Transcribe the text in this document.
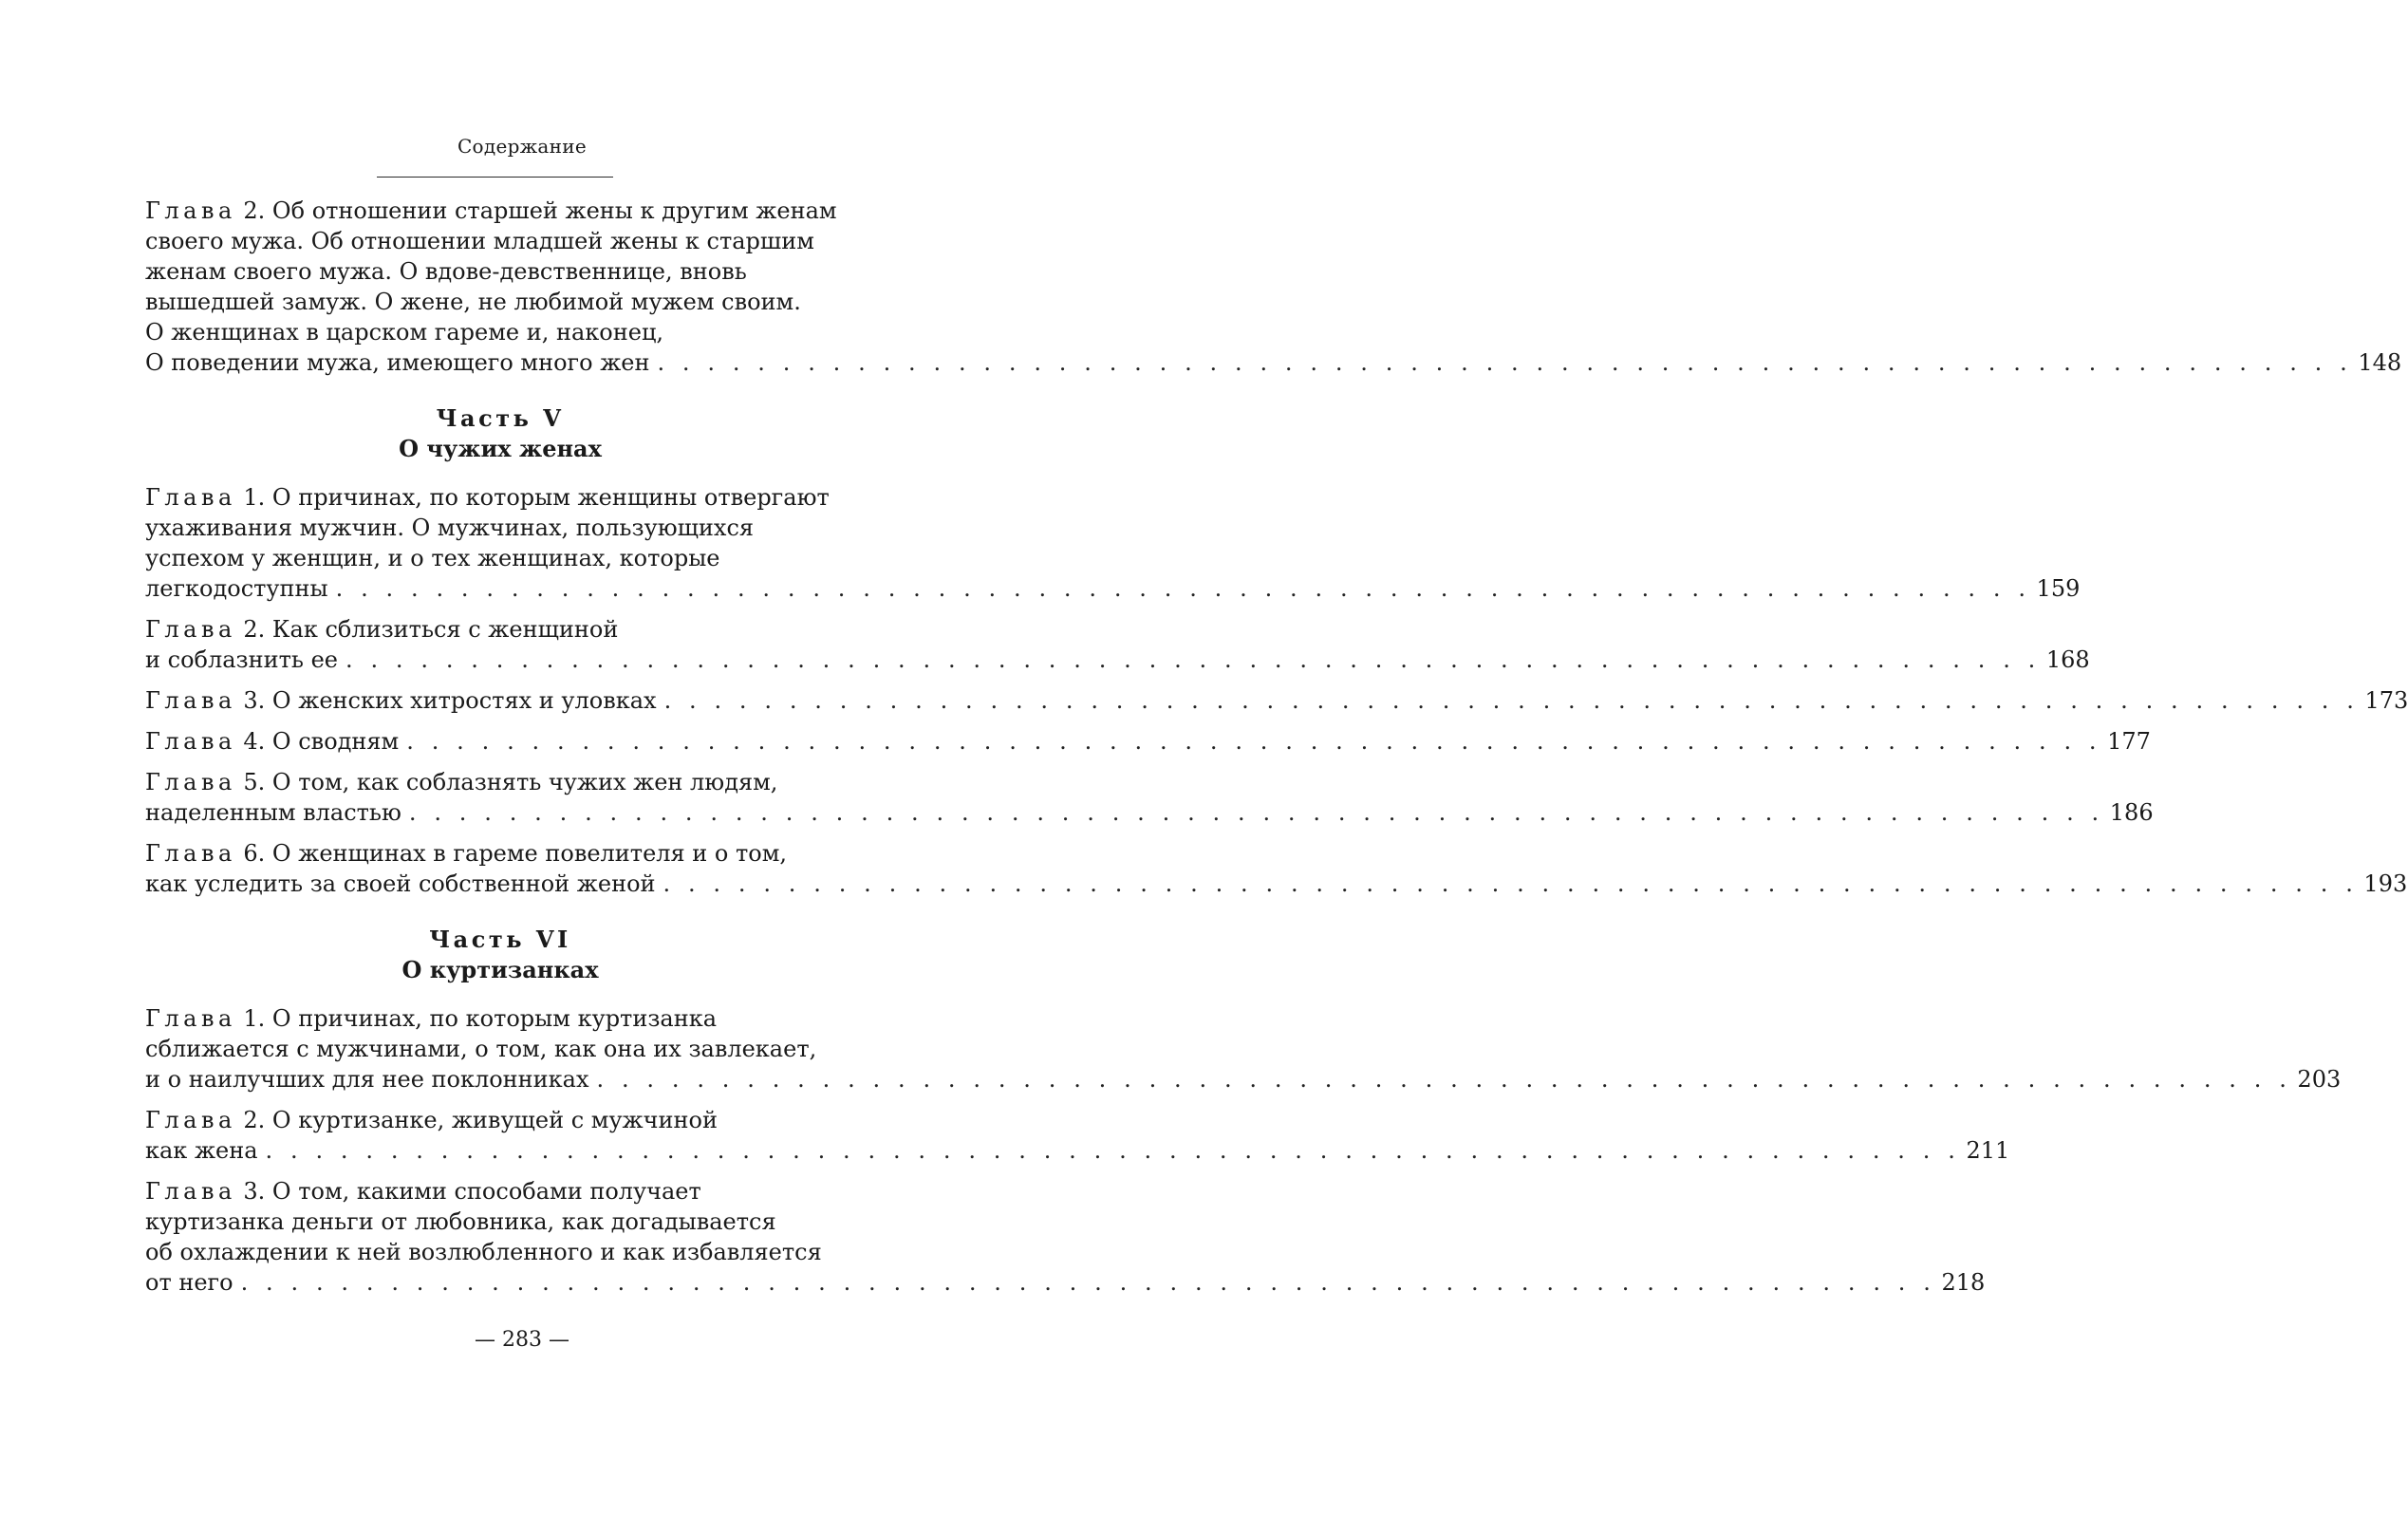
Содержание
Глава 2. Об отношении старшей жены к другим женам
своего мужа. Об отношении младшей жены к старшим
женам своего мужа. О вдове-девственнице, вновь
вышедшей замуж. О жене, не любимой мужем своим.
О женщинах в царском гареме и, наконец,
О поведении мужа, имеющего много жен . . . . . . . . . . . . . . . . . . . . . . . . . . . . . . . . . . . . . . . . . . . . . . . . . . . . . . . . . . . . . . . . . . . . 148
Часть V
О чужих женах
Глава 1. О причинах, по которым женщины отвергают
ухаживания мужчин. О мужчинах, пользующихся
успехом у женщин, и о тех женщинах, которые
легкодоступны . . . . . . . . . . . . . . . . . . . . . . . . . . . . . . . . . . . . . . . . . . . . . . . . . . . . . . . . . . . . . . . . . . . . 159
Глава 2. Как сблизиться с женщиной
и соблазнить ее . . . . . . . . . . . . . . . . . . . . . . . . . . . . . . . . . . . . . . . . . . . . . . . . . . . . . . . . . . . . . . . . . . . . 168
Глава 3. О женских хитростях и уловках . . . . . . . . . . . . . . . . . . . . . . . . . . . . . . . . . . . . . . . . . . . . . . . . . . . . . . . . . . . . . . . . . . . . 173
Глава 4. О сводням . . . . . . . . . . . . . . . . . . . . . . . . . . . . . . . . . . . . . . . . . . . . . . . . . . . . . . . . . . . . . . . . . . . . 177
Глава 5. О том, как соблазнять чужих жен людям,
наделенным властью . . . . . . . . . . . . . . . . . . . . . . . . . . . . . . . . . . . . . . . . . . . . . . . . . . . . . . . . . . . . . . . . . . . . 186
Глава 6. О женщинах в гареме повелителя и о том,
как уследить за своей собственной женой . . . . . . . . . . . . . . . . . . . . . . . . . . . . . . . . . . . . . . . . . . . . . . . . . . . . . . . . . . . . . . . . . . . . 193
Часть VI
О куртизанках
Глава 1. О причинах, по которым куртизанка
сближается с мужчинами, о том, как она их завлекает,
и о наилучших для нее поклонниках . . . . . . . . . . . . . . . . . . . . . . . . . . . . . . . . . . . . . . . . . . . . . . . . . . . . . . . . . . . . . . . . . . . . 203
Глава 2. О куртизанке, живущей с мужчиной
как жена . . . . . . . . . . . . . . . . . . . . . . . . . . . . . . . . . . . . . . . . . . . . . . . . . . . . . . . . . . . . . . . . . . . . 211
Глава 3. О том, какими способами получает
куртизанка деньги от любовника, как догадывается
об охлаждении к ней возлюбленного и как избавляется
от него . . . . . . . . . . . . . . . . . . . . . . . . . . . . . . . . . . . . . . . . . . . . . . . . . . . . . . . . . . . . . . . . . . . . 218
— 283 —
